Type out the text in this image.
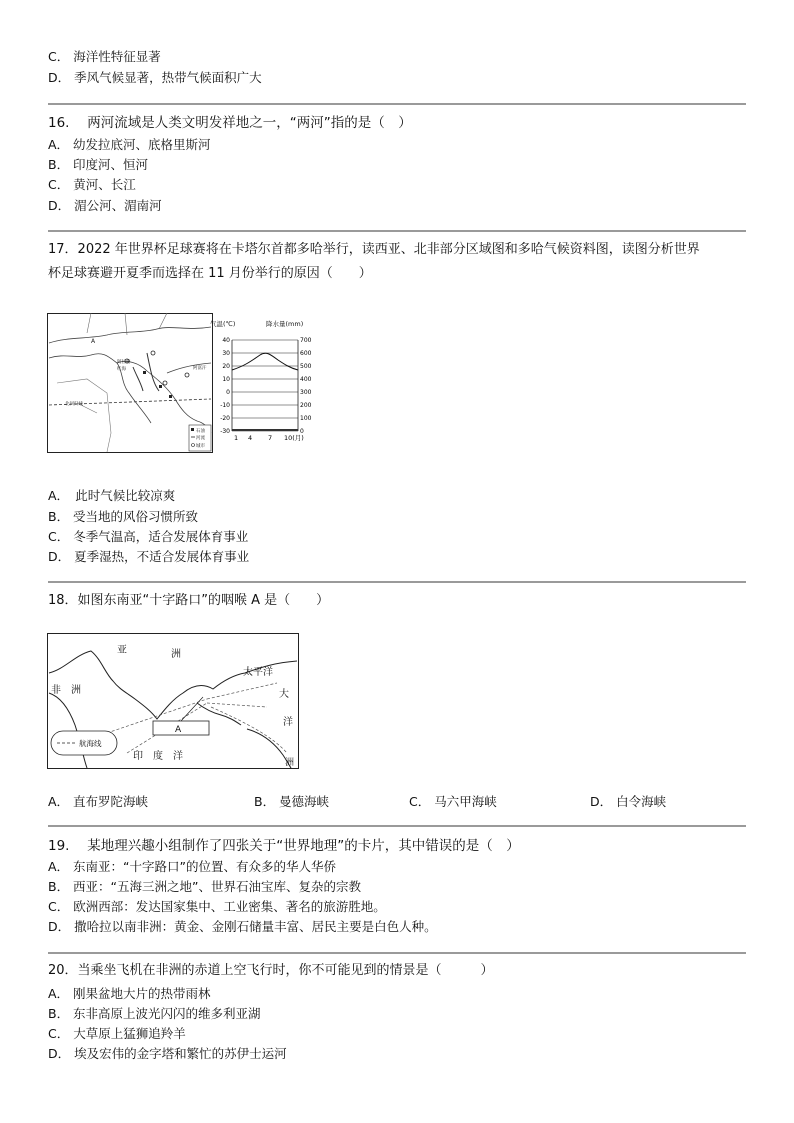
C． 海洋性特征显著
D． 季风气候显著，热带气候面积广大
16.　 两河流域是人类文明发祥地之一，“两河”指的是（　）
A． 幼发拉底河、底格里斯河
B． 印度河、恒河
C． 黄河、长江
D． 湄公河、湄南河
17．2022 年世界杯足球赛将在卡塔尔首都多哈举行，读西亚、北非部分区域图和多哈气候资料图，读图分析世界
杯足球赛避开夏季而选择在 11 月份举行的原因（　　）
A
阿拉伯
红海	阿富汗
北回归线
石油
河流
城市
气温(℃)	降水量(mm)
40	700
30	600
20	500
10	400
0	300
-10	200
-20	100
-30	0
1 4 7 10(月)
A．　此时气候比较凉爽
B． 受当地的风俗习惯所致
C． 冬季气温高，适合发展体育事业
D． 夏季湿热，不适合发展体育事业
18．如图东南亚“十字路口”的咽喉 A 是（　　）
A
亚	洲
非　洲
太平洋
大
洋
洲
印　度　洋
航海线
A． 直布罗陀海峡	B． 曼德海峡	C． 马六甲海峡	D． 白令海峡
19.　 某地理兴趣小组制作了四张关于“世界地理”的卡片，其中错误的是（　）
A． 东南亚：“十字路口”的位置、有众多的华人华侨
B． 西亚：“五海三洲之地”、世界石油宝库、复杂的宗教
C． 欧洲西部：发达国家集中、工业密集、著名的旅游胜地。
D． 撒哈拉以南非洲：黄金、金刚石储量丰富、居民主要是白色人种。
20．当乘坐飞机在非洲的赤道上空飞行时，你不可能见到的情景是（　　　）
A． 刚果盆地大片的热带雨林
B． 东非高原上波光闪闪的维多利亚湖
C． 大草原上猛狮追羚羊
D． 埃及宏伟的金字塔和繁忙的苏伊士运河
